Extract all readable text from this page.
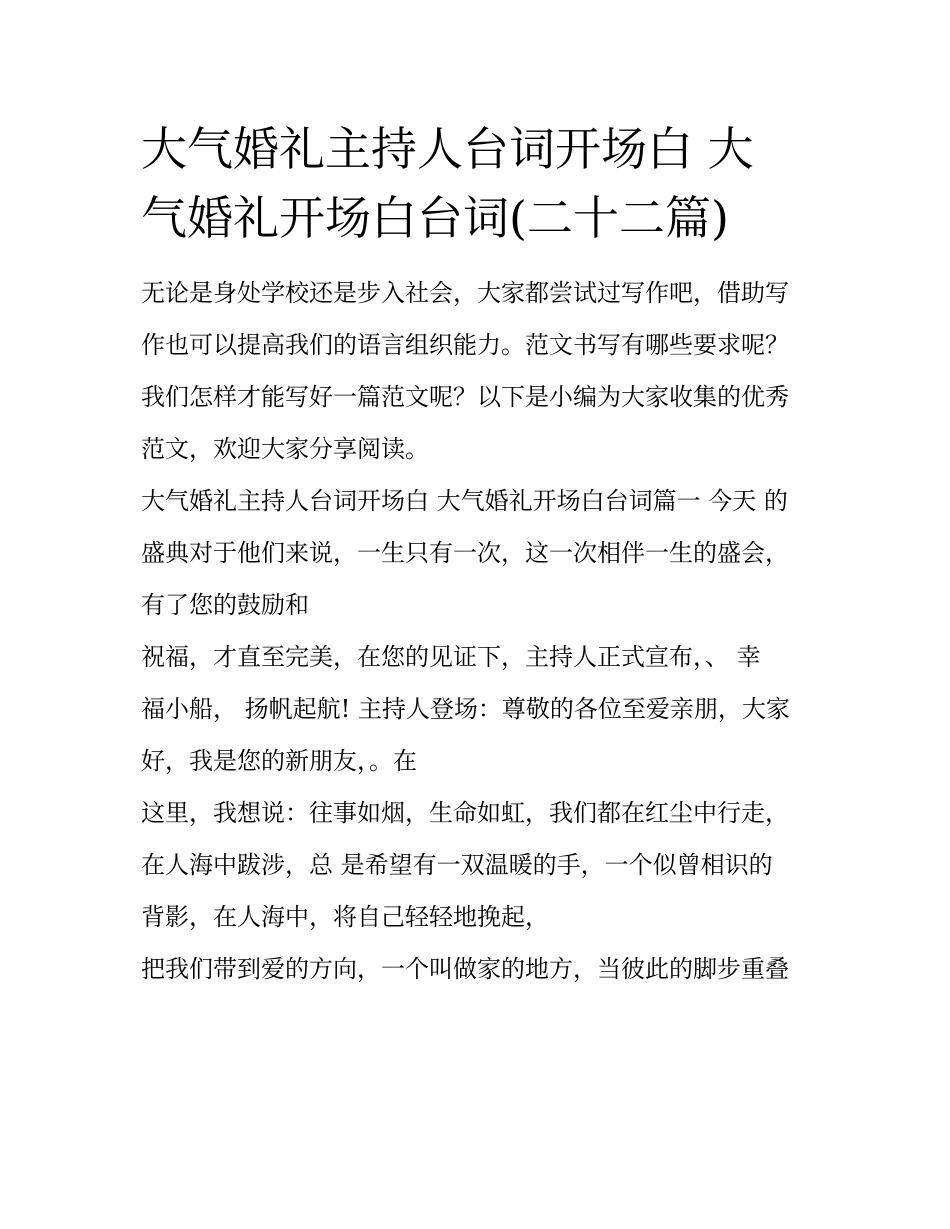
大气婚礼主持人台词开场白 大
气婚礼开场白台词(二十二篇)

无论是身处学校还是步入社会，大家都尝试过写作吧，借助写
作也可以提高我们的语言组织能力。范文书写有哪些要求呢？
我们怎样才能写好一篇范文呢？以下是小编为大家收集的优秀
范文，欢迎大家分享阅读。

大气婚礼主持人台词开场白 大气婚礼开场白台词篇一 今天 的
盛典对于他们来说，一生只有一次，这一次相伴一生的盛会，
有了您的鼓励和

祝福，才直至完美，在您的见证下，主持人正式宣布，、 幸
福小船， 扬帆起航! 主持人登场：尊敬的各位至爱亲朋，大家
好，我是您的新朋友，。在

这里，我想说：往事如烟，生命如虹，我们都在红尘中行走，
在人海中跋涉，总 是希望有一双温暖的手，一个似曾相识的
背影，在人海中，将自己轻轻地挽起，

把我们带到爱的方向，一个叫做家的地方，当彼此的脚步重叠
